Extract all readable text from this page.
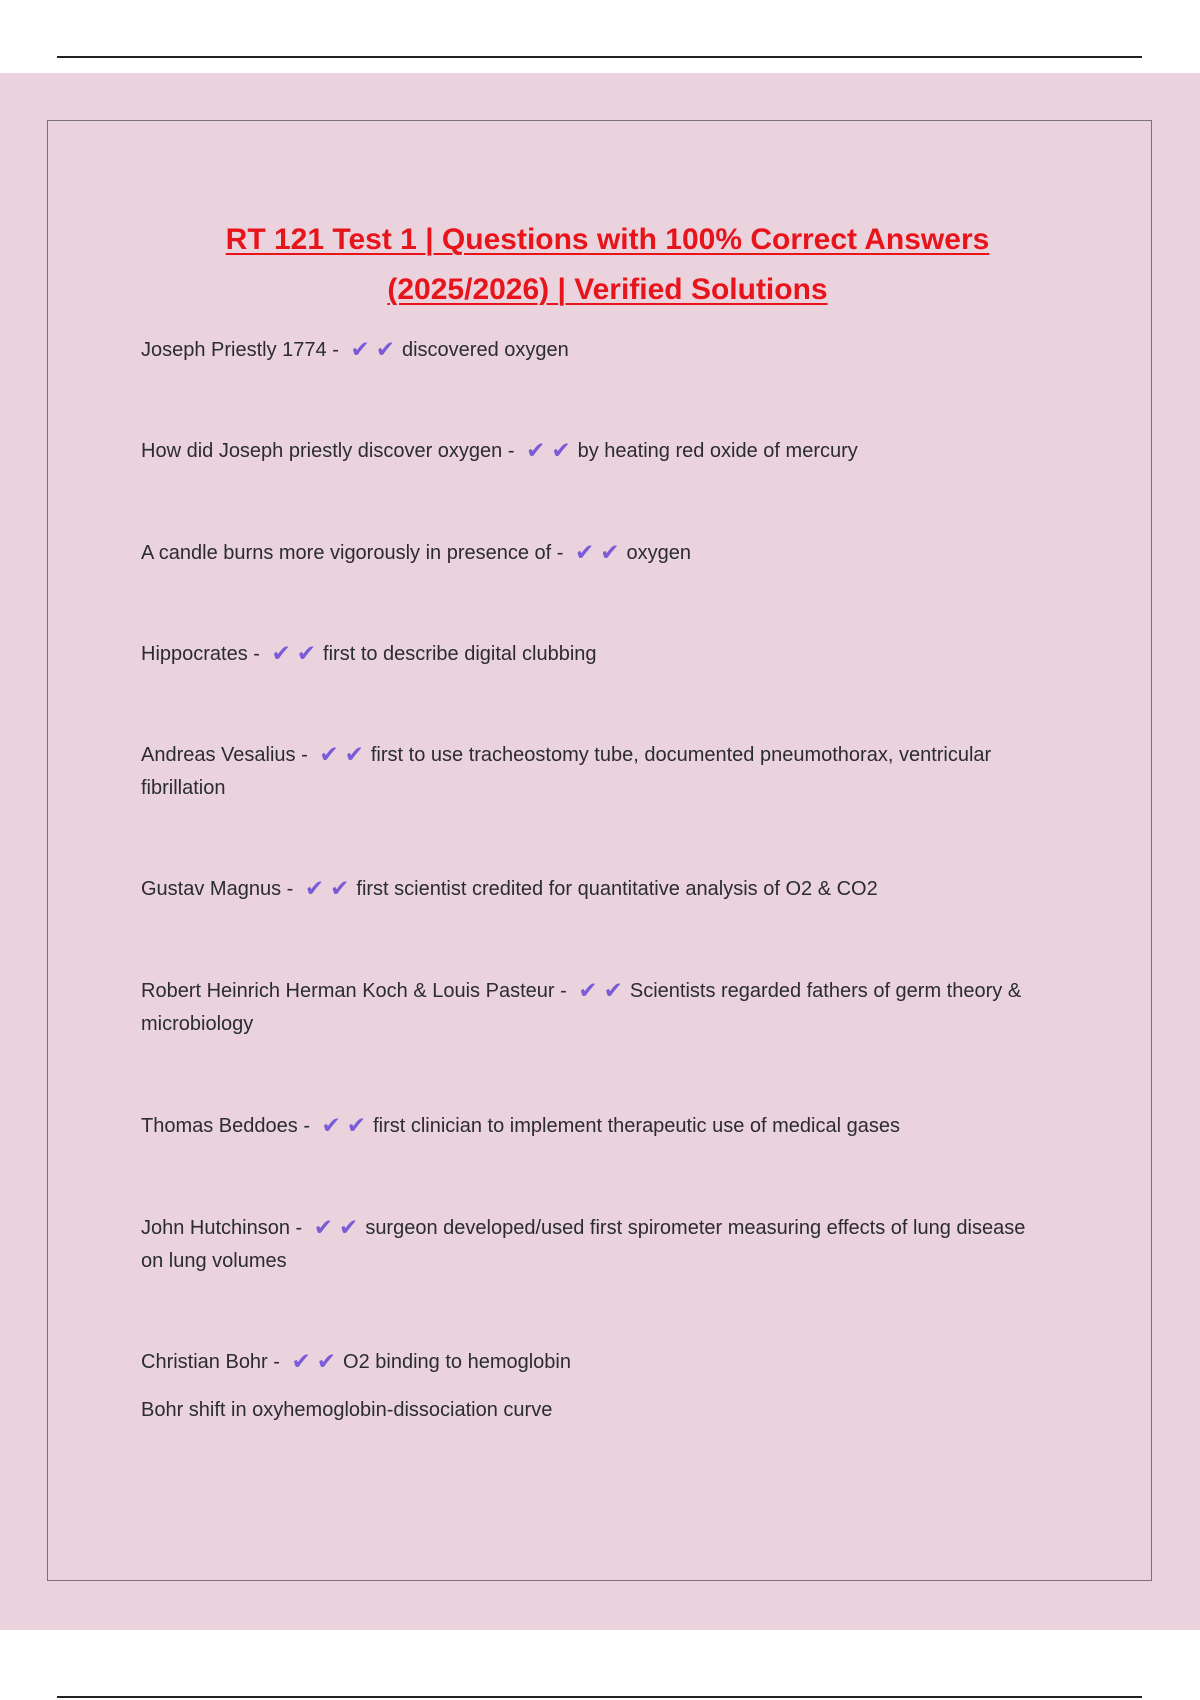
RT 121 Test 1 | Questions with 100% Correct Answers
(2025/2026) | Verified Solutions
Joseph Priestly 1774 - ✔✔discovered oxygen
How did Joseph priestly discover oxygen - ✔✔by heating red oxide of mercury
A candle burns more vigorously in presence of - ✔✔oxygen
Hippocrates - ✔✔first to describe digital clubbing
Andreas Vesalius - ✔✔first to use tracheostomy tube, documented pneumothorax, ventricular fibrillation
Gustav Magnus - ✔✔first scientist credited for quantitative analysis of O2 & CO2
Robert Heinrich Herman Koch & Louis Pasteur - ✔✔Scientists regarded fathers of germ theory & microbiology
Thomas Beddoes - ✔✔first clinician to implement therapeutic use of medical gases
John Hutchinson - ✔✔surgeon developed/used first spirometer measuring effects of lung disease on lung volumes
Christian Bohr - ✔✔O2 binding to hemoglobin
Bohr shift in oxyhemoglobin-dissociation curve
